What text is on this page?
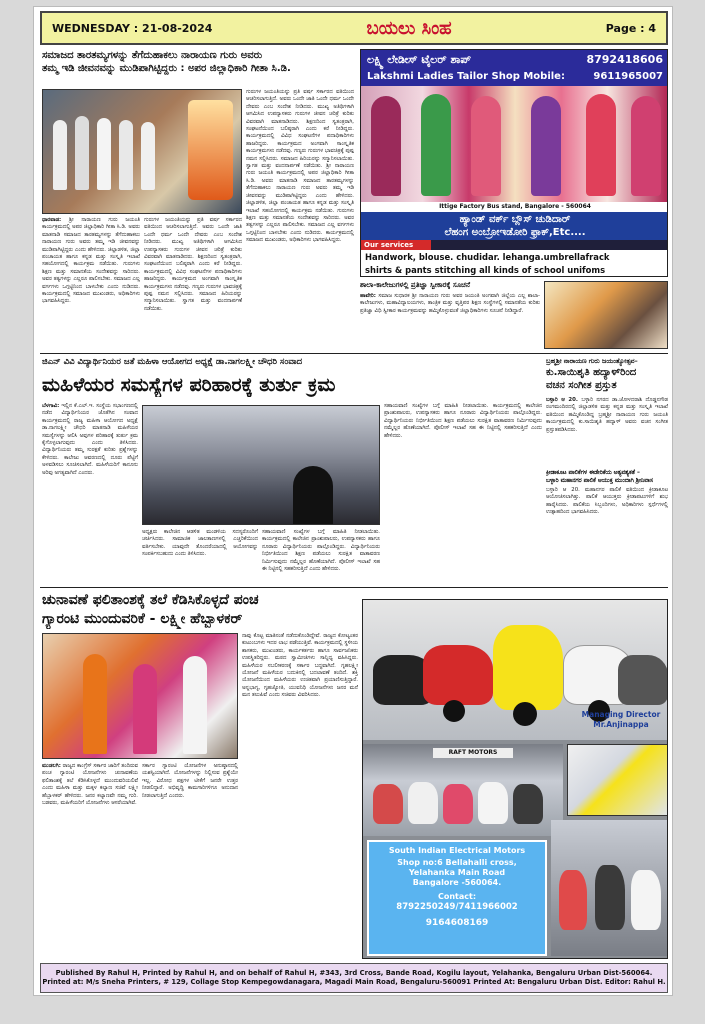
WEDNESDAY : 21-08-2024	ಬಯಲು ಸಿಂಹ	Page : 4
ಸಮಾಜದ ತಾರತಮ್ಯಗಳನ್ನು ತೆಗೆದುಹಾಕಲು ನಾರಾಯಣ ಗುರು ಅವರು
ತಮ್ಮ ಇಡಿ ಜೀವನವನ್ನು ಮುಡಿಪಾಗಿಟ್ಟಿದ್ದರು : ಅಪರ ಜಿಲ್ಲಾಧಿಕಾರಿ ಗೀತಾ ಸಿ.ಡಿ.
ಧಾರವಾಡ: ಶ್ರೀ ನಾರಾಯಣ ಗುರು ಜಯಂತಿ ಕಾರ್ಯಕ್ರಮದಲ್ಲಿ ಅಪರ ಜಿಲ್ಲಾಧಿಕಾರಿ ಗೀತಾ ಸಿ.ಡಿ. ಅವರು ಮಾತನಾಡಿ ಸಮಾಜದ ತಾರತಮ್ಯಗಳನ್ನು ತೆಗೆದುಹಾಕಲು ನಾರಾಯಣ ಗುರು ಅವರು ತಮ್ಮ ಇಡಿ ಜೀವನವನ್ನು ಮುಡಿಪಾಗಿಟ್ಟಿದ್ದರು ಎಂದು ಹೇಳಿದರು. ಜಿಲ್ಲಾಡಳಿತ, ಜಿಲ್ಲಾ ಪಂಚಾಯತ ಹಾಗೂ ಕನ್ನಡ ಮತ್ತು ಸಂಸ್ಕೃತಿ ಇಲಾಖೆ ಸಹಯೋಗದಲ್ಲಿ ಕಾರ್ಯಕ್ರಮ ನಡೆಯಿತು. ಗುರುಗಳು ಶಿಕ್ಷಣ ಮತ್ತು ಸಮಾನತೆಯ ಸಂದೇಶವನ್ನು ಸಾರಿದರು. ಅವರ ತತ್ವಗಳನ್ನು ಎಲ್ಲರೂ ಪಾಲಿಸಬೇಕು. ಸಮಾಜದ ಎಲ್ಲ ವರ್ಗಗಳು ಒಗ್ಗಟ್ಟಿನಿಂದ ಬಾಳಬೇಕು ಎಂದು ನುಡಿದರು. ಕಾರ್ಯಕ್ರಮದಲ್ಲಿ ಸಮಾಜದ ಮುಖಂಡರು, ಅಧಿಕಾರಿಗಳು ಭಾಗವಹಿಸಿದ್ದರು.
ಗುರುಗಳ ಜಯಂತಿಯನ್ನು ಪ್ರತಿ ವರ್ಷ ಸರ್ಕಾರದ ವತಿಯಿಂದ ಆಚರಿಸಲಾಗುತ್ತಿದೆ. ಅವರು ಒಂದೇ ಜಾತಿ ಒಂದೇ ಧರ್ಮ ಒಂದೇ ದೇವರು ಎಂಬ ಸಂದೇಶ ನೀಡಿದರು. ಮುಖ್ಯ ಅತಿಥಿಗಳಾಗಿ ಆಗಮಿಸಿದ ಉಪನ್ಯಾಸಕರು ಗುರುಗಳ ಜೀವನ ಚರಿತ್ರೆ ಕುರಿತು ವಿವರವಾಗಿ ಮಾತನಾಡಿದರು. ಶಿಕ್ಷಣದಿಂದ ಸ್ವತಂತ್ರರಾಗಿ, ಸಂಘಟನೆಯಿಂದ ಬಲಿಷ್ಠರಾಗಿ ಎಂದು ಕರೆ ನೀಡಿದ್ದರು. ಕಾರ್ಯಕ್ರಮದಲ್ಲಿ ವಿವಿಧ ಸಂಘಟನೆಗಳ ಪದಾಧಿಕಾರಿಗಳು ಹಾಜರಿದ್ದರು. ಕಾರ್ಯಕ್ರಮದ ಅಂಗವಾಗಿ ಸಾಂಸ್ಕೃತಿಕ ಕಾರ್ಯಕ್ರಮಗಳು ನಡೆದವು. ಗಣ್ಯರು ಗುರುಗಳ ಭಾವಚಿತ್ರಕ್ಕೆ ಪುಷ್ಪ ನಮನ ಸಲ್ಲಿಸಿದರು. ಸಮಾಜದ ಹಿರಿಯರನ್ನು ಸನ್ಮಾನಿಸಲಾಯಿತು. ಸ್ವಾಗತ ಮತ್ತು ವಂದನಾರ್ಪಣೆ ನಡೆಯಿತು.
ಗುರುಗಳ ಜಯಂತಿಯನ್ನು ಪ್ರತಿ ವರ್ಷ ಸರ್ಕಾರದ ವತಿಯಿಂದ ಆಚರಿಸಲಾಗುತ್ತಿದೆ. ಅವರು ಒಂದೇ ಜಾತಿ ಒಂದೇ ಧರ್ಮ ಒಂದೇ ದೇವರು ಎಂಬ ಸಂದೇಶ ನೀಡಿದರು. ಮುಖ್ಯ ಅತಿಥಿಗಳಾಗಿ ಆಗಮಿಸಿದ ಉಪನ್ಯಾಸಕರು ಗುರುಗಳ ಜೀವನ ಚರಿತ್ರೆ ಕುರಿತು ವಿವರವಾಗಿ ಮಾತನಾಡಿದರು. ಶಿಕ್ಷಣದಿಂದ ಸ್ವತಂತ್ರರಾಗಿ, ಸಂಘಟನೆಯಿಂದ ಬಲಿಷ್ಠರಾಗಿ ಎಂದು ಕರೆ ನೀಡಿದ್ದರು. ಕಾರ್ಯಕ್ರಮದಲ್ಲಿ ವಿವಿಧ ಸಂಘಟನೆಗಳ ಪದಾಧಿಕಾರಿಗಳು ಹಾಜರಿದ್ದರು. ಕಾರ್ಯಕ್ರಮದ ಅಂಗವಾಗಿ ಸಾಂಸ್ಕೃತಿಕ ಕಾರ್ಯಕ್ರಮಗಳು ನಡೆದವು. ಗಣ್ಯರು ಗುರುಗಳ ಭಾವಚಿತ್ರಕ್ಕೆ ಪುಷ್ಪ ನಮನ ಸಲ್ಲಿಸಿದರು. ಸಮಾಜದ ಹಿರಿಯರನ್ನು ಸನ್ಮಾನಿಸಲಾಯಿತು. ಸ್ವಾಗತ ಮತ್ತು ವಂದನಾರ್ಪಣೆ ನಡೆಯಿತು. ಶ್ರೀ ನಾರಾಯಣ ಗುರು ಜಯಂತಿ ಕಾರ್ಯಕ್ರಮದಲ್ಲಿ ಅಪರ ಜಿಲ್ಲಾಧಿಕಾರಿ ಗೀತಾ ಸಿ.ಡಿ. ಅವರು ಮಾತನಾಡಿ ಸಮಾಜದ ತಾರತಮ್ಯಗಳನ್ನು ತೆಗೆದುಹಾಕಲು ನಾರಾಯಣ ಗುರು ಅವರು ತಮ್ಮ ಇಡಿ ಜೀವನವನ್ನು ಮುಡಿಪಾಗಿಟ್ಟಿದ್ದರು ಎಂದು ಹೇಳಿದರು. ಜಿಲ್ಲಾಡಳಿತ, ಜಿಲ್ಲಾ ಪಂಚಾಯತ ಹಾಗೂ ಕನ್ನಡ ಮತ್ತು ಸಂಸ್ಕೃತಿ ಇಲಾಖೆ ಸಹಯೋಗದಲ್ಲಿ ಕಾರ್ಯಕ್ರಮ ನಡೆಯಿತು. ಗುರುಗಳು ಶಿಕ್ಷಣ ಮತ್ತು ಸಮಾನತೆಯ ಸಂದೇಶವನ್ನು ಸಾರಿದರು. ಅವರ ತತ್ವಗಳನ್ನು ಎಲ್ಲರೂ ಪಾಲಿಸಬೇಕು. ಸಮಾಜದ ಎಲ್ಲ ವರ್ಗಗಳು ಒಗ್ಗಟ್ಟಿನಿಂದ ಬಾಳಬೇಕು ಎಂದು ನುಡಿದರು. ಕಾರ್ಯಕ್ರಮದಲ್ಲಿ ಸಮಾಜದ ಮುಖಂಡರು, ಅಧಿಕಾರಿಗಳು ಭಾಗವಹಿಸಿದ್ದರು.
ಲಕ್ಷ್ಮಿ ಲೇಡೀಸ್ ಟೈಲರ್ ಶಾಪ್	8792418606
Lakshmi Ladies Tailor Shop Mobile:	9611965007
Ittige Factory Bus stand, Bangalore - 560064
ಹ್ಯಾಂಡ್ ವರ್ಕ್ ಬ್ಲೌಸ್ ಚುಡಿದಾರ್
ಲೆಹಂಗ ಅಂಬ್ರೋಇಡೋರಿ ಫ್ರಾಕ್,Etc....
Our services
Handwork, blouse. chudidar. lehanga.umbrellafrack
shirts & pants stitching all kinds of school unifoms
ಶಾಲಾ-ಕಾಲೇಜುಗಳಲ್ಲಿ ಪ್ರತಿಜ್ಞಾ ಸ್ವೀಕಾರಕ್ಕೆ ಸೂಚನೆ
ಹಾವೇರಿ: ಸಮಾಜ ಸುಧಾರಕ ಶ್ರೀ ನಾರಾಯಣ ಗುರು ಅವರ ಜಯಂತಿ ಅಂಗವಾಗಿ ಜಿಲ್ಲೆಯ ಎಲ್ಲ ಶಾಲಾ-ಕಾಲೇಜುಗಳು, ಮಹಾವಿದ್ಯಾಲಯಗಳು, ತಾಂತ್ರಿಕ ಮತ್ತು ವೃತ್ತಿಪರ ಶಿಕ್ಷಣ ಸಂಸ್ಥೆಗಳಲ್ಲಿ ಸಮಾನತೆಯ ಕುರಿತು ಪ್ರತಿಜ್ಞಾ ವಿಧಿ ಸ್ವೀಕಾರ ಕಾರ್ಯಕ್ರಮವನ್ನು ಹಮ್ಮಿಕೊಳ್ಳುವಂತೆ ಜಿಲ್ಲಾಧಿಕಾರಿಗಳು ಸೂಚನೆ ನೀಡಿದ್ದಾರೆ.
ಜಿಎನ್ ವಿವಿ ವಿದ್ಯಾರ್ಥಿನಿಯರ ಜತೆ ಮಹಿಳಾ ಆಯೋಗದ ಅಧ್ಯಕ್ಷೆ ಡಾ.ನಾಗಲಕ್ಷ್ಮೀ ಚೌಧರಿ ಸಂವಾದ
ಮಹಿಳೆಯರ ಸಮಸ್ಯೆಗಳ ಪರಿಹಾರಕ್ಕೆ ತುರ್ತು ಕ್ರಮ
ಬೆಳಗಾವಿ: ಇಲ್ಲಿನ ಕೆ.ಎಲ್.ಇ. ಸಂಸ್ಥೆಯ ಸಭಾಂಗಣದಲ್ಲಿ ನಡೆದ ವಿದ್ಯಾರ್ಥಿನಿಯರ ಜೊತೆಗಿನ ಸಂವಾದ ಕಾರ್ಯಕ್ರಮದಲ್ಲಿ ರಾಜ್ಯ ಮಹಿಳಾ ಆಯೋಗದ ಅಧ್ಯಕ್ಷೆ ಡಾ.ನಾಗಲಕ್ಷ್ಮೀ ಚೌಧರಿ ಮಾತನಾಡಿ ಮಹಿಳೆಯರ ಸಮಸ್ಯೆಗಳನ್ನು ಆಲಿಸಿ ಅವುಗಳ ಪರಿಹಾರಕ್ಕೆ ತುರ್ತು ಕ್ರಮ ಕೈಗೊಳ್ಳಲಾಗುವುದು ಎಂದು ತಿಳಿಸಿದರು. ವಿದ್ಯಾರ್ಥಿನಿಯರು ತಮ್ಮ ಸುರಕ್ಷತೆ ಕುರಿತು ಪ್ರಶ್ನೆಗಳನ್ನು ಕೇಳಿದರು. ಕಾಲೇಜು ಆವರಣದಲ್ಲಿ ದೂರು ಪೆಟ್ಟಿಗೆ ಅಳವಡಿಸಲು ಸೂಚಿಸಲಾಗಿದೆ. ಮಹಿಳೆಯರಿಗೆ ಕಾನೂನು ಅರಿವು ಅಗತ್ಯವಾಗಿದೆ ಎಂದರು.
ಅಧ್ಯಕ್ಷರು ಕಾಲೇಜಿನ ಆಡಳಿತ ಮಂಡಳಿಯ ಸದಸ್ಯರೊಂದಿಗೆ ಚರ್ಚಿಸಿದರು. ಸಾಮಾಜಿಕ ಜಾಲತಾಣಗಳಲ್ಲಿ ಎಚ್ಚರಿಕೆಯಿಂದ ವರ್ತಿಸಬೇಕು. ಯಾವುದೇ ತೊಂದರೆಯಾದಲ್ಲಿ ಆಯೋಗವನ್ನು ಸಂಪರ್ಕಿಸಬಹುದು ಎಂದು ತಿಳಿಸಿದರು.
ಸಹಾಯವಾಣಿ ಸಂಖ್ಯೆಗಳ ಬಗ್ಗೆ ಮಾಹಿತಿ ನೀಡಲಾಯಿತು. ಕಾರ್ಯಕ್ರಮದಲ್ಲಿ ಕಾಲೇಜಿನ ಪ್ರಾಂಶುಪಾಲರು, ಉಪನ್ಯಾಸಕರು ಹಾಗೂ ನೂರಾರು ವಿದ್ಯಾರ್ಥಿನಿಯರು ಪಾಲ್ಗೊಂಡಿದ್ದರು. ವಿದ್ಯಾರ್ಥಿನಿಯರು ನಿರ್ಭೀತಿಯಿಂದ ಶಿಕ್ಷಣ ಪಡೆಯಲು ಸುರಕ್ಷಿತ ವಾತಾವರಣ ನಿರ್ಮಿಸುವುದು ನಮ್ಮೆಲ್ಲರ ಹೊಣೆಯಾಗಿದೆ. ಪೊಲೀಸ್ ಇಲಾಖೆ ಸಹ ಈ ನಿಟ್ಟಿನಲ್ಲಿ ಸಹಕರಿಸುತ್ತಿದೆ ಎಂದು ಹೇಳಿದರು.
ಸಹಾಯವಾಣಿ ಸಂಖ್ಯೆಗಳ ಬಗ್ಗೆ ಮಾಹಿತಿ ನೀಡಲಾಯಿತು. ಕಾರ್ಯಕ್ರಮದಲ್ಲಿ ಕಾಲೇಜಿನ ಪ್ರಾಂಶುಪಾಲರು, ಉಪನ್ಯಾಸಕರು ಹಾಗೂ ನೂರಾರು ವಿದ್ಯಾರ್ಥಿನಿಯರು ಪಾಲ್ಗೊಂಡಿದ್ದರು. ವಿದ್ಯಾರ್ಥಿನಿಯರು ನಿರ್ಭೀತಿಯಿಂದ ಶಿಕ್ಷಣ ಪಡೆಯಲು ಸುರಕ್ಷಿತ ವಾತಾವರಣ ನಿರ್ಮಿಸುವುದು ನಮ್ಮೆಲ್ಲರ ಹೊಣೆಯಾಗಿದೆ. ಪೊಲೀಸ್ ಇಲಾಖೆ ಸಹ ಈ ನಿಟ್ಟಿನಲ್ಲಿ ಸಹಕರಿಸುತ್ತಿದೆ ಎಂದು ಹೇಳಿದರು.
ಬ್ರಹ್ಮಶ್ರೀ ನಾರಾಯಣ ಗುರು ಜಯಂತ್ಯೋತ್ಸವ–
ಕು.ಸಾಯಿಶೃತಿ ಹದ್ಯಾಳ್‌ರಿಂದ
ವಚನ ಸಂಗೀತ ಪ್ರಸ್ತುತ
ಬಳ್ಳಾರಿ ಆ 20. ಬಳ್ಳಾರಿ ನಗರದ ಡಾ.ಜೋಳದರಾಶಿ ದೊಡ್ಡನಗೌಡ ರಂಗಮಂದಿರದಲ್ಲಿ ಜಿಲ್ಲಾಡಳಿತ ಮತ್ತು ಕನ್ನಡ ಮತ್ತು ಸಂಸ್ಕೃತಿ ಇಲಾಖೆ ವತಿಯಿಂದ ಹಮ್ಮಿಕೊಂಡಿದ್ದ ಬ್ರಹ್ಮಶ್ರೀ ನಾರಾಯಣ ಗುರು ಜಯಂತಿ ಕಾರ್ಯಕ್ರಮದಲ್ಲಿ ಕು.ಸಾಯಿಶೃತಿ ಹದ್ಯಾಳ್ ಅವರು ವಚನ ಸಂಗೀತ ಪ್ರಸ್ತುತಪಡಿಸಿದರು.
ಕ್ರೀಡಾಕೂಟ ಪಾಲಿಕೆಗಳ ಈಡೇರಿಕೆಯ ಅತ್ಯವಶ್ಯಕತೆ –
ಬಳ್ಳಾರಿ ಮಹಾನಗರ ಪಾಲಿಕೆ ಆಯುಕ್ತ ಮುಂದಾಗಿ ಶ್ರೀನಿವಾಸ
ಬಳ್ಳಾರಿ ಆ 20. ಮಹಾನಗರ ಪಾಲಿಕೆ ವತಿಯಿಂದ ಕ್ರೀಡಾಕೂಟ ಆಯೋಜಿಸಲಾಗಿತ್ತು. ಪಾಲಿಕೆ ಆಯುಕ್ತರು ಕ್ರೀಡಾಪಟುಗಳಿಗೆ ಶುಭ ಹಾರೈಸಿದರು. ಪಾಲಿಕೆಯ ಸಿಬ್ಬಂದಿಗಳು, ಅಧಿಕಾರಿಗಳು ಸ್ಪರ್ಧೆಗಳಲ್ಲಿ ಉತ್ಸಾಹದಿಂದ ಭಾಗವಹಿಸಿದರು.
ಚುನಾವಣೆ ಫಲಿತಾಂಶಕ್ಕೆ ತಲೆ ಕೆಡಿಸಿಕೊಳ್ಳದೆ ಪಂಚ
ಗ್ಯಾರಂಟಿ ಮುಂದುವರಿಕೆ - ಲಕ್ಷ್ಮೀ ಹೆಬ್ಬಾಳಕರ್
ಮುಡಲಗಿ: ರಾಜ್ಯದ ಕಾಂಗ್ರೆಸ್ ಸರ್ಕಾರ ಜಾರಿಗೆ ತಂದಿರುವ ಪಂಚ ಗ್ಯಾರಂಟಿ ಯೋಜನೆಗಳು ಚುನಾವಣೆಯ ಫಲಿತಾಂಶಕ್ಕೆ ತಲೆ ಕೆಡಿಸಿಕೊಳ್ಳದೆ ಮುಂದುವರಿಯಲಿವೆ ಎಂದು ಮಹಿಳಾ ಮತ್ತು ಮಕ್ಕಳ ಕಲ್ಯಾಣ ಸಚಿವೆ ಲಕ್ಷ್ಮೀ ಹೆಬ್ಬಾಳಕರ್ ಹೇಳಿದರು. ಜನರ ಕಲ್ಯಾಣವೇ ನಮ್ಮ ಗುರಿ. ಬಡವರು, ಮಹಿಳೆಯರಿಗೆ ಯೋಜನೆಗಳು ಆಸರೆಯಾಗಿವೆ.
ಸರ್ಕಾರ ಗ್ಯಾರಂಟಿ ಯೋಜನೆಗಳ ಅನುಷ್ಠಾನದಲ್ಲಿ ಯಶಸ್ವಿಯಾಗಿದೆ. ಯೋಜನೆಗಳನ್ನು ನಿಲ್ಲಿಸುವ ಪ್ರಶ್ನೆಯೇ ಇಲ್ಲ. ವಿರೋಧ ಪಕ್ಷಗಳ ಟೀಕೆಗೆ ಜನರೇ ಉತ್ತರ ನೀಡಲಿದ್ದಾರೆ. ಅಭಿವೃದ್ಧಿ ಕಾಮಗಾರಿಗಳಿಗೂ ಅನುದಾನ ನೀಡಲಾಗುತ್ತಿದೆ ಎಂದರು.
ನಾವು ಕೊಟ್ಟ ಮಾತಿನಂತೆ ನಡೆದುಕೊಂಡಿದ್ದೇವೆ. ರಾಜ್ಯದ ಕೋಟ್ಯಂತರ ಕುಟುಂಬಗಳು ಇದರ ಲಾಭ ಪಡೆಯುತ್ತಿವೆ. ಕಾರ್ಯಕ್ರಮದಲ್ಲಿ ಸ್ಥಳೀಯ ಶಾಸಕರು, ಮುಖಂಡರು, ಕಾರ್ಯಕರ್ತರು ಹಾಗೂ ಸಾರ್ವಜನಿಕರು ಉಪಸ್ಥಿತರಿದ್ದರು. ಮಠದ ಸ್ವಾಮೀಜಿಗಳು ಸಾನ್ನಿಧ್ಯ ವಹಿಸಿದ್ದರು. ಮಹಿಳೆಯರ ಸಬಲೀಕರಣಕ್ಕೆ ಸರ್ಕಾರ ಬದ್ಧವಾಗಿದೆ. ಗೃಹಲಕ್ಷ್ಮೀ ಯೋಜನೆ ಮಹಿಳೆಯರ ಬದುಕಿನಲ್ಲಿ ಬದಲಾವಣೆ ತಂದಿದೆ. ಶಕ್ತಿ ಯೋಜನೆಯಿಂದ ಮಹಿಳೆಯರು ಉಚಿತವಾಗಿ ಪ್ರಯಾಣಿಸುತ್ತಿದ್ದಾರೆ. ಅನ್ನಭಾಗ್ಯ, ಗೃಹಜ್ಯೋತಿ, ಯುವನಿಧಿ ಯೋಜನೆಗಳು ಜನರ ಮನೆ ಮನ ತಲುಪಿವೆ ಎಂದು ಸಚಿವರು ವಿವರಿಸಿದರು.
Managing Director
Mr.Anjinappa
RAFT MOTORS
South Indian Electrical Motors
Shop no:6 Bellahalli cross,
Yelahanka Main Road
Bangalore -560064.
Contact:
8792250249/7411966002
9164608169
Published By Rahul H, Printed by Rahul H, and on behalf of Rahul H, #343, 3rd Cross, Bande Road, Kogilu layout, Yelahanka, Bengaluru Urban Dist-560064.
Printed at: M/s Sneha Printers, # 129, Collage Stop Kempegowdanagara, Magadi Main Road, Bengaluru-560091 Printed At: Bengaluru Urban Dist. Editor: Rahul H.
